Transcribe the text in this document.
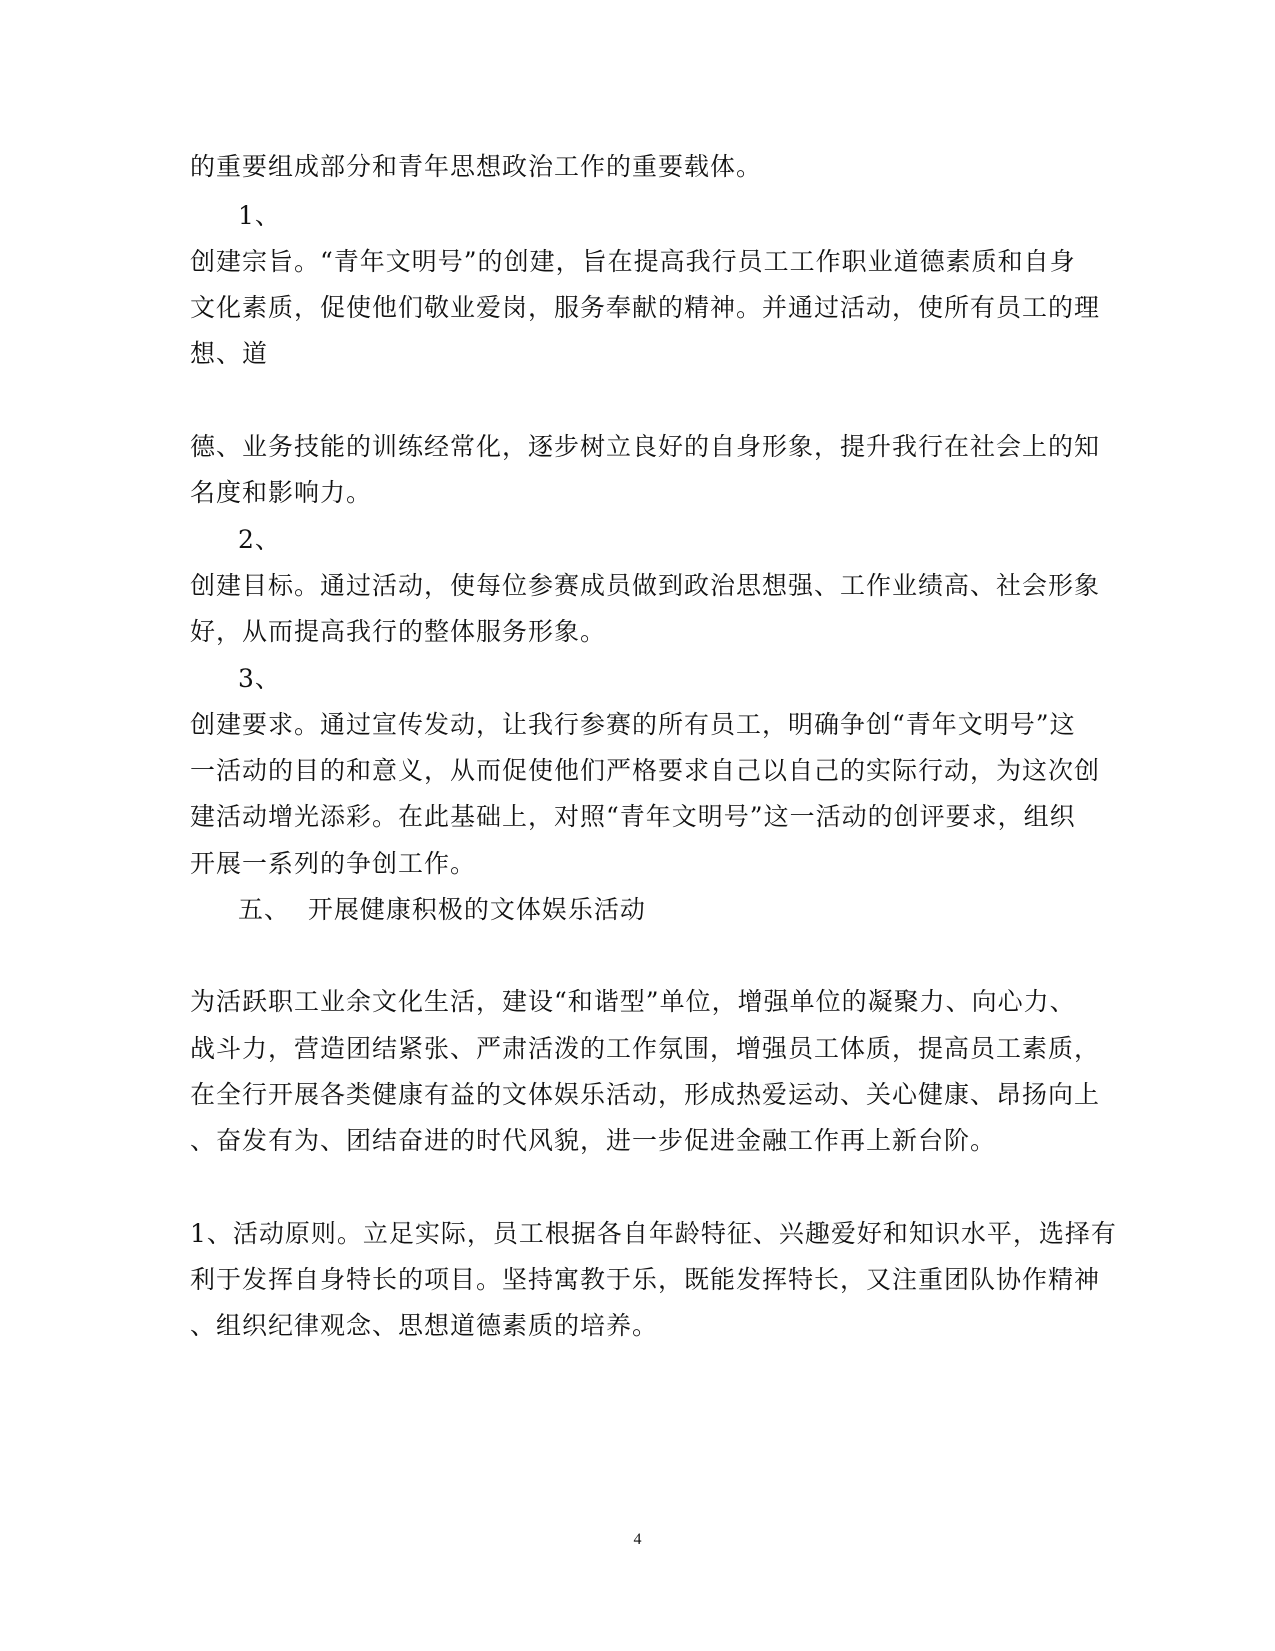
的重要组成部分和青年思想政治工作的重要载体。
1、
创建宗旨。“青年文明号”的创建，旨在提高我行员工工作职业道德素质和自身
文化素质，促使他们敬业爱岗，服务奉献的精神。并通过活动，使所有员工的理
想、道
德、业务技能的训练经常化，逐步树立良好的自身形象，提升我行在社会上的知
名度和影响力。
2、
创建目标。通过活动，使每位参赛成员做到政治思想强、工作业绩高、社会形象
好，从而提高我行的整体服务形象。
3、
创建要求。通过宣传发动，让我行参赛的所有员工，明确争创“青年文明号”这
一活动的目的和意义，从而促使他们严格要求自己以自己的实际行动，为这次创
建活动增光添彩。在此基础上，对照“青年文明号”这一活动的创评要求，组织
开展一系列的争创工作。
五、  开展健康积极的文体娱乐活动
为活跃职工业余文化生活，建设“和谐型”单位，增强单位的凝聚力、向心力、
战斗力，营造团结紧张、严肃活泼的工作氛围，增强员工体质，提高员工素质，
在全行开展各类健康有益的文体娱乐活动，形成热爱运动、关心健康、昂扬向上
、奋发有为、团结奋进的时代风貌，进一步促进金融工作再上新台阶。
1、活动原则。立足实际，员工根据各自年龄特征、兴趣爱好和知识水平，选择有
利于发挥自身特长的项目。坚持寓教于乐，既能发挥特长，又注重团队协作精神
、组织纪律观念、思想道德素质的培养。
4
